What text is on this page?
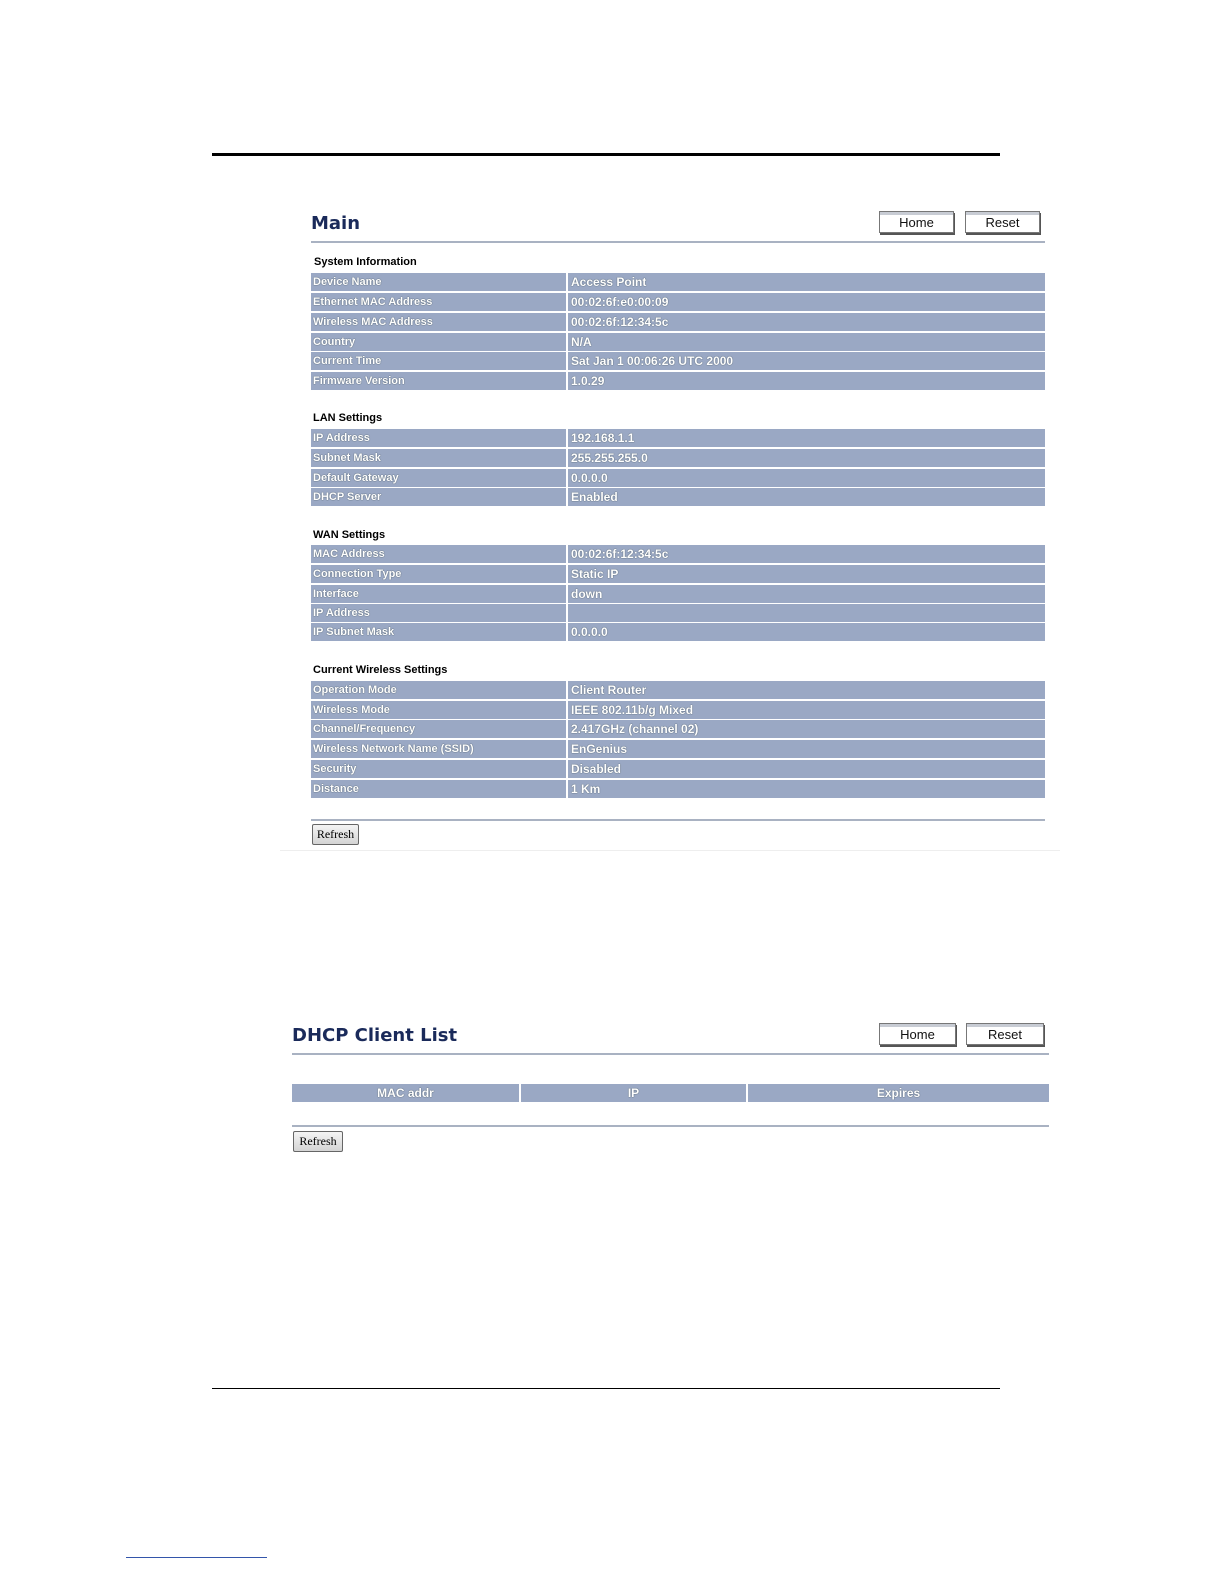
Main	Home	Reset
System Information
Device Name	Access Point
Ethernet MAC Address	00:02:6f:e0:00:09
Wireless MAC Address	00:02:6f:12:34:5c
Country	N/A
Current Time	Sat Jan 1 00:06:26 UTC 2000
Firmware Version	1.0.29
LAN Settings
IP Address	192.168.1.1
Subnet Mask	255.255.255.0
Default Gateway	0.0.0.0
DHCP Server	Enabled
WAN Settings
MAC Address	00:02:6f:12:34:5c
Connection Type	Static IP
Interface	down
IP Address
IP Subnet Mask	0.0.0.0
Current Wireless Settings
Operation Mode	Client Router
Wireless Mode	IEEE 802.11b/g Mixed
Channel/Frequency	2.417GHz (channel 02)
Wireless Network Name (SSID)	EnGenius
Security	Disabled
Distance	1 Km
Refresh
DHCP Client List	Home	Reset
MAC addr	IP	Expires
Refresh
